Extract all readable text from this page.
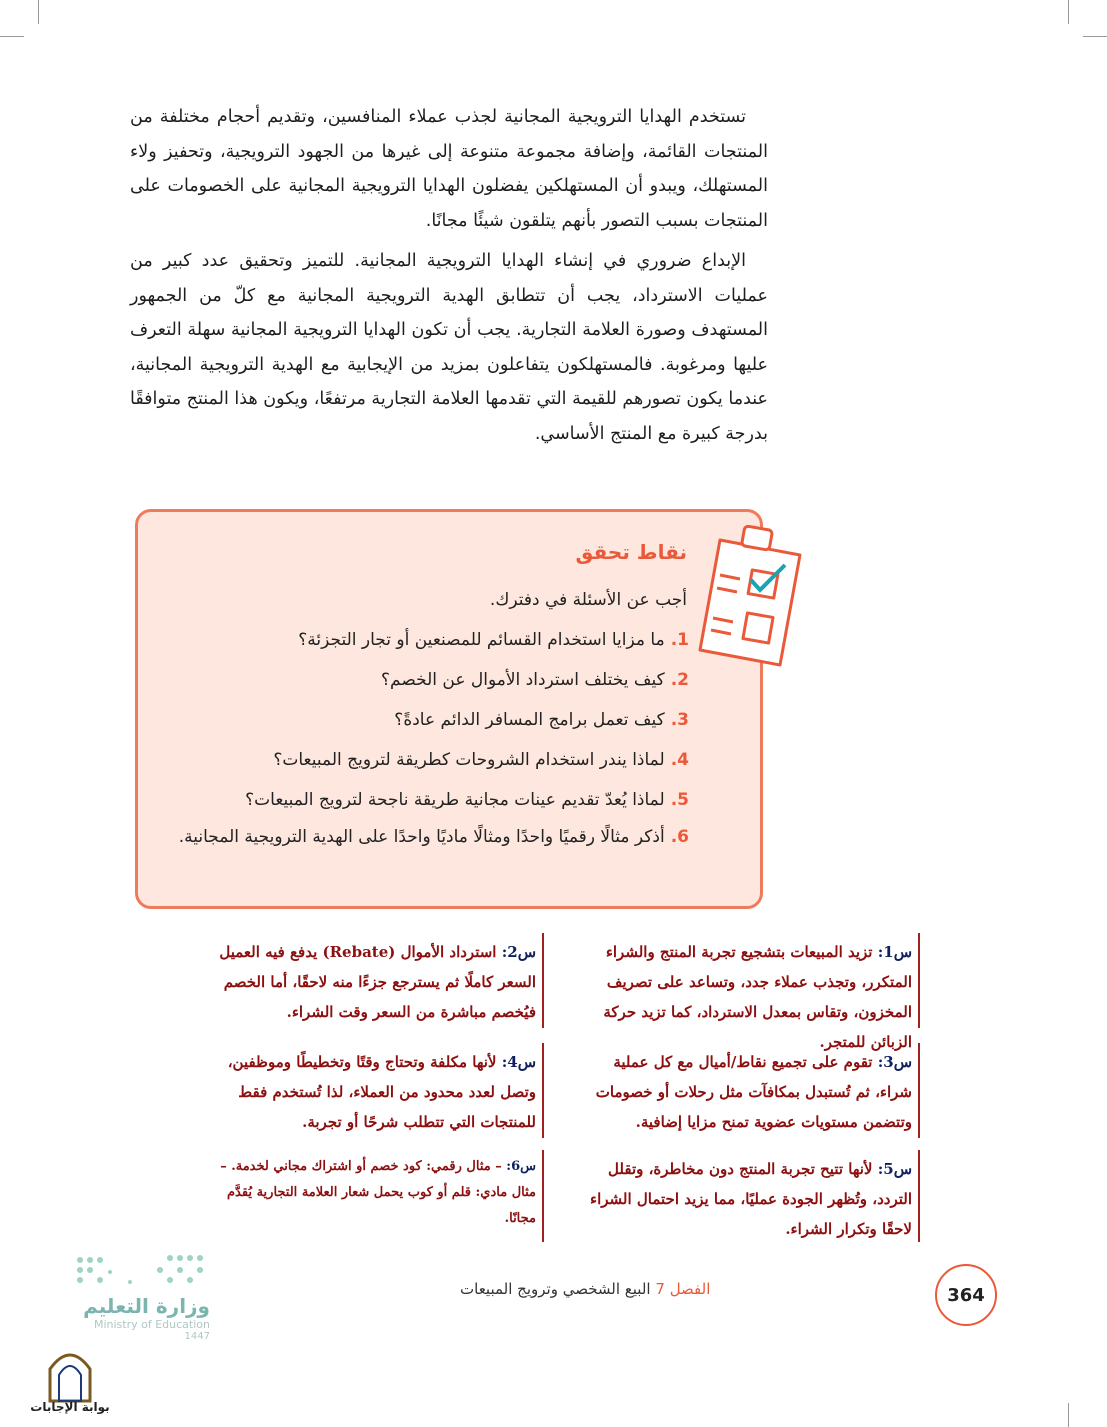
تستخدم الهدايا الترويجية المجانية لجذب عملاء المنافسين، وتقديم أحجام مختلفة من المنتجات القائمة، وإضافة مجموعة متنوعة إلى غيرها من الجهود الترويجية، وتحفيز ولاء المستهلك، ويبدو أن المستهلكين يفضلون الهدايا الترويجية المجانية على الخصومات على المنتجات بسبب التصور بأنهم يتلقون شيئًا مجانًا.

الإبداع ضروري في إنشاء الهدايا الترويجية المجانية. للتميز وتحقيق عدد كبير من عمليات الاسترداد، يجب أن تتطابق الهدية الترويجية المجانية مع كلّ من الجمهور المستهدف وصورة العلامة التجارية. يجب أن تكون الهدايا الترويجية المجانية سهلة التعرف عليها ومرغوبة. فالمستهلكون يتفاعلون بمزيد من الإيجابية مع الهدية الترويجية المجانية، عندما يكون تصورهم للقيمة التي تقدمها العلامة التجارية مرتفعًا، ويكون هذا المنتج متوافقًا بدرجة كبيرة مع المنتج الأساسي.

نقاط تحقق
أجب عن الأسئلة في دفترك.
1.
ما مزايا استخدام القسائم للمصنعين أو تجار التجزئة؟
2.
كيف يختلف استرداد الأموال عن الخصم؟
3.
كيف تعمل برامج المسافر الدائم عادةً؟
4.
لماذا يندر استخدام الشروحات كطريقة لترويج المبيعات؟
5.
لماذا يُعدّ تقديم عينات مجانية طريقة ناجحة لترويج المبيعات؟
6.
أذكر مثالًا رقميًا واحدًا ومثالًا ماديًا واحدًا على الهدية الترويجية المجانية.

س1: تزيد المبيعات بتشجيع تجربة المنتج والشراء المتكرر، وتجذب عملاء جدد، وتساعد على تصريف المخزون، وتقاس بمعدل الاسترداد، كما تزيد حركة الزبائن للمتجر.

س2: استرداد الأموال (Rebate) يدفع فيه العميل السعر كاملًا ثم يسترجع جزءًا منه لاحقًا، أما الخصم فيُخصم مباشرة من السعر وقت الشراء.

س3: تقوم على تجميع نقاط/أميال مع كل عملية شراء، ثم تُستبدل بمكافآت مثل رحلات أو خصومات وتتضمن مستويات عضوية تمنح مزايا إضافية.

س4: لأنها مكلفة وتحتاج وقتًا وتخطيطًا وموظفين، وتصل لعدد محدود من العملاء، لذا تُستخدم فقط للمنتجات التي تتطلب شرحًا أو تجربة.

س5: لأنها تتيح تجربة المنتج دون مخاطرة، وتقلل التردد، وتُظهر الجودة عمليًا، مما يزيد احتمال الشراء لاحقًا وتكرار الشراء.

س6: – مثال رقمي: كود خصم أو اشتراك مجاني لخدمة. – مثال مادي: قلم أو كوب يحمل شعار العلامة التجارية يُقدَّم مجانًا.

364
الفصل 7 البيع الشخصي وترويج المبيعات
وزارة التعليم
Ministry of Education
1447
بوابة الإجابات
